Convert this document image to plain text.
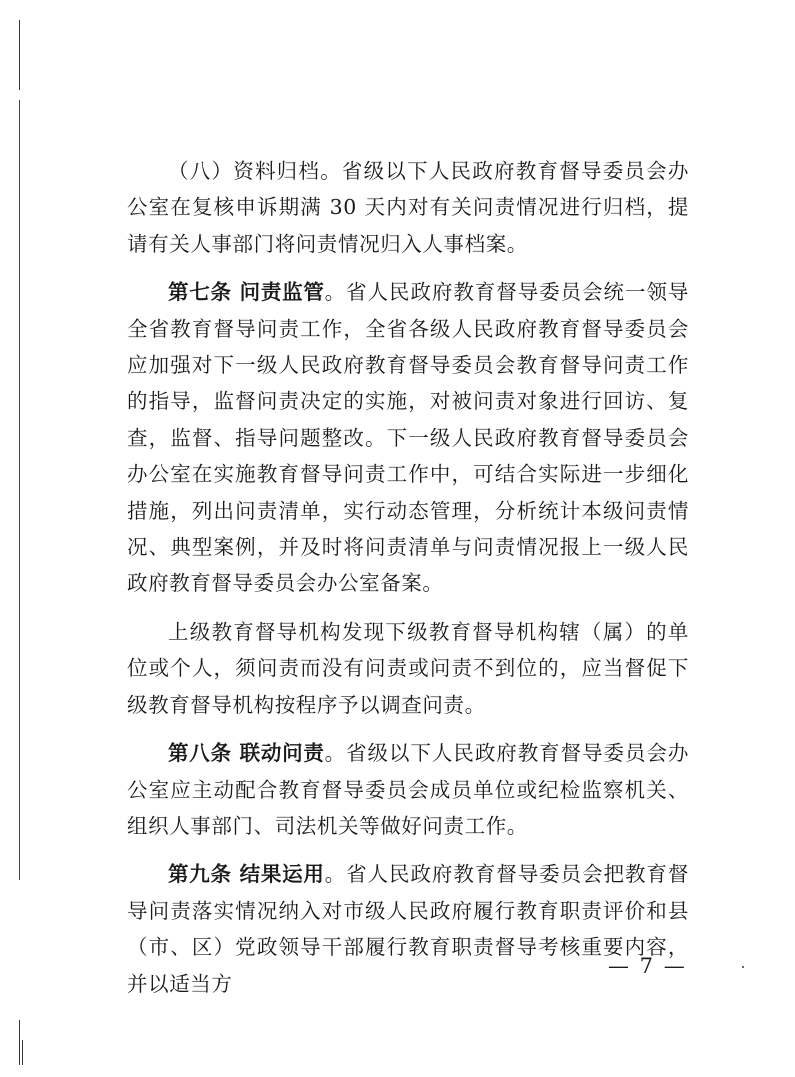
（八）资料归档。省级以下人民政府教育督导委员会办公室在复核申诉期满 30 天内对有关问责情况进行归档，提请有关人事部门将问责情况归入人事档案。

第七条 问责监管。省人民政府教育督导委员会统一领导全省教育督导问责工作，全省各级人民政府教育督导委员会应加强对下一级人民政府教育督导委员会教育督导问责工作的指导，监督问责决定的实施，对被问责对象进行回访、复查，监督、指导问题整改。下一级人民政府教育督导委员会办公室在实施教育督导问责工作中，可结合实际进一步细化措施，列出问责清单，实行动态管理，分析统计本级问责情况、典型案例，并及时将问责清单与问责情况报上一级人民政府教育督导委员会办公室备案。

上级教育督导机构发现下级教育督导机构辖（属）的单位或个人，须问责而没有问责或问责不到位的，应当督促下级教育督导机构按程序予以调查问责。

第八条 联动问责。省级以下人民政府教育督导委员会办公室应主动配合教育督导委员会成员单位或纪检监察机关、组织人事部门、司法机关等做好问责工作。

第九条 结果运用。省人民政府教育督导委员会把教育督导问责落实情况纳入对市级人民政府履行教育职责评价和县（市、区）党政领导干部履行教育职责督导考核重要内容，并以适当方

— 7 —
